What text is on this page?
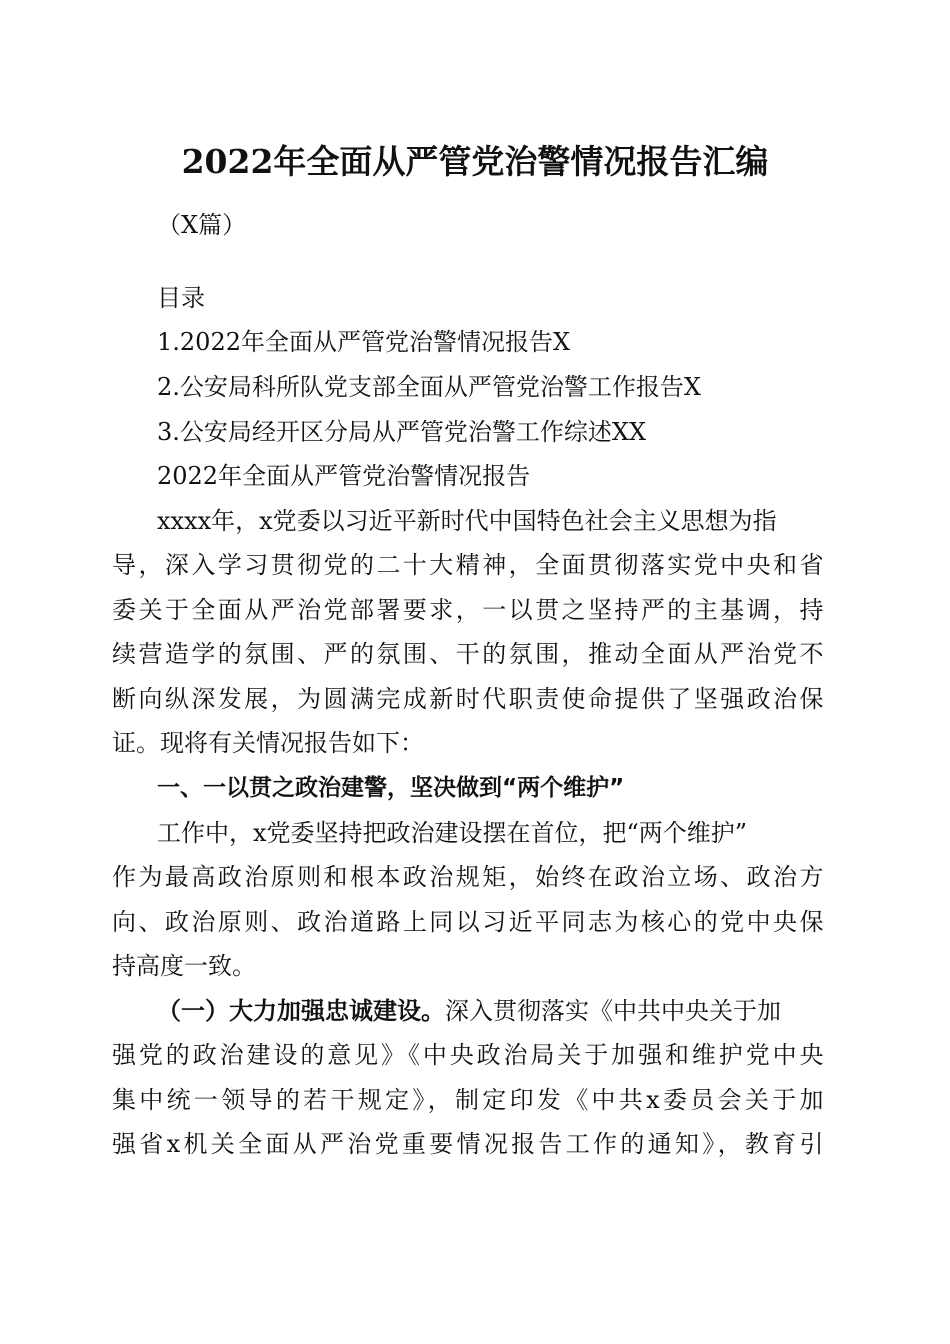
2022年全面从严管党治警情况报告汇编
（X篇）
目录
1.2022年全面从严管党治警情况报告X
2.公安局科所队党支部全面从严管党治警工作报告X
3.公安局经开区分局从严管党治警工作综述XX
2022年全面从严管党治警情况报告
xxxx年，x党委以习近平新时代中国特色社会主义思想为指
导，深入学习贯彻党的二十大精神，全面贯彻落实党中央和省
委关于全面从严治党部署要求，一以贯之坚持严的主基调，持
续营造学的氛围、严的氛围、干的氛围，推动全面从严治党不
断向纵深发展，为圆满完成新时代职责使命提供了坚强政治保
证。现将有关情况报告如下：
一、一以贯之政治建警，坚决做到“两个维护”
工作中，x党委坚持把政治建设摆在首位，把“两个维护”
作为最高政治原则和根本政治规矩，始终在政治立场、政治方
向、政治原则、政治道路上同以习近平同志为核心的党中央保
持高度一致。
（一）大力加强忠诚建设。深入贯彻落实《中共中央关于加
强党的政治建设的意见》《中央政治局关于加强和维护党中央
集中统一领导的若干规定》，制定印发《中共x委员会关于加
强省x机关全面从严治党重要情况报告工作的通知》，教育引
